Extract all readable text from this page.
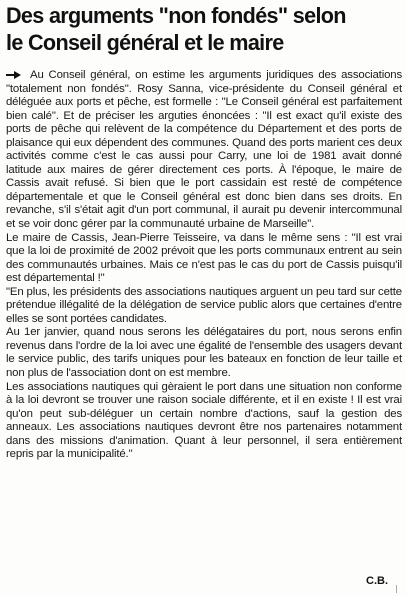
Des arguments "non fondés" selon
le Conseil général et le maire

Au Conseil général, on estime les arguments juridiques des associations "totalement non fondés". Rosy Sanna, vice-présidente du Conseil général et déléguée aux ports et pêche, est formelle : "Le Conseil général est parfaitement bien calé". Et de préciser les arguties énoncées : "Il est exact qu'il existe des ports de pêche qui relèvent de la compétence du Département et des ports de plaisance qui eux dépendent des communes. Quand des ports marient ces deux activités comme c'est le cas aussi pour Carry, une loi de 1981 avait donné latitude aux maires de gérer directement ces ports. À l'époque, le maire de Cassis avait refusé. Si bien que le port cassidain est resté de compétence départementale et que le Conseil général est donc bien dans ses droits. En revanche, s'il s'était agit d'un port communal, il aurait pu devenir intercommunal et se voir donc gérer par la communauté urbaine de Marseille".

Le maire de Cassis, Jean-Pierre Teisseire, va dans le même sens : "Il est vrai que la loi de proximité de 2002 prévoit que les ports communaux entrent au sein des communautés urbaines. Mais ce n'est pas le cas du port de Cassis puisqu'il est départemental !"

"En plus, les présidents des associations nautiques arguent un peu tard sur cette prétendue illégalité de la délégation de service public alors que certaines d'entre elles se sont portées candidates.

Au 1er janvier, quand nous serons les délégataires du port, nous serons enfin revenus dans l'ordre de la loi avec une égalité de l'ensemble des usagers devant le service public, des tarifs uniques pour les bateaux en fonction de leur taille et non plus de l'association dont on est membre.

Les associations nautiques qui gèraient le port dans une situation non conforme à la loi devront se trouver une raison sociale différente, et il en existe ! Il est vrai qu'on peut sub-déléguer un certain nombre d'actions, sauf la gestion des anneaux. Les associations nautiques devront être nos partenaires notamment dans des missions d'animation. Quant à leur personnel, il sera entièrement repris par la municipalité."

C.B.
